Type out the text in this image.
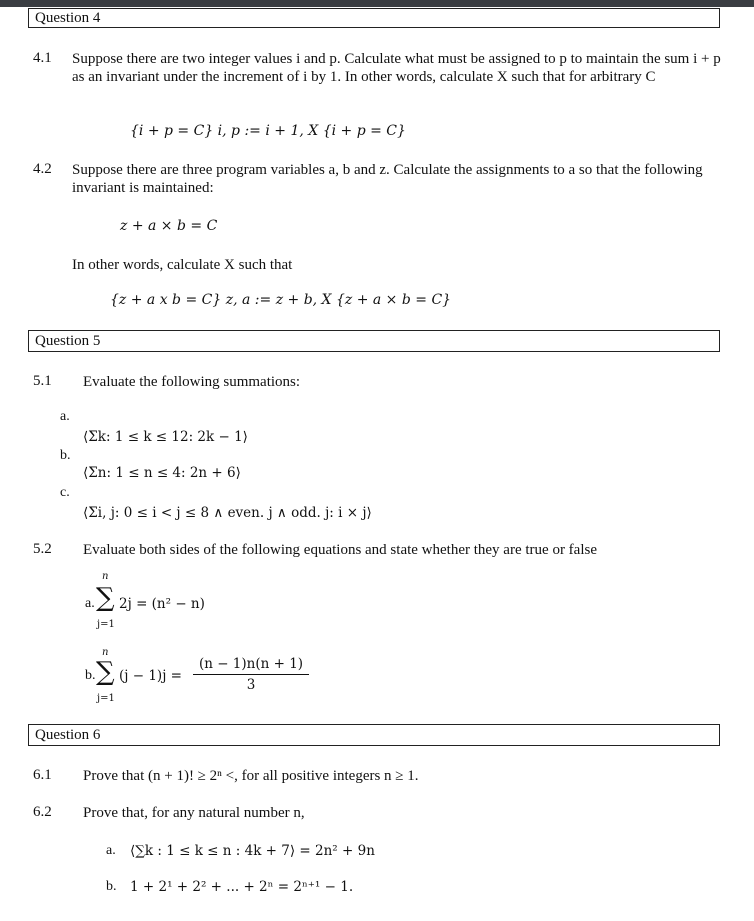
Question 4
4.1 Suppose there are two integer values i and p. Calculate what must be assigned to p to maintain the sum i + p as an invariant under the increment of i by 1. In other words, calculate X such that for arbitrary C
{i + p = C} i, p := i + 1, X {i + p = C}
4.2 Suppose there are three program variables a, b and z. Calculate the assignments to a so that the following invariant is maintained:
z + a × b = C
In other words, calculate X such that
{z + a x b = C} z, a := z + b, X {z + a × b = C}
Question 5
5.1 Evaluate the following summations:
a.
⟨Σk: 1 ≤ k ≤ 12: 2k − 1⟩
b.
⟨Σn: 1 ≤ n ≤ 4: 2n + 6⟩
c.
⟨Σi, j: 0 ≤ i < j ≤ 8 ∧ even. j ∧ odd. j: i × j⟩
5.2 Evaluate both sides of the following equations and state whether they are true or false
a.
n
∑
j=1
2j = (n² − n)
b.
n
∑
j=1
(j − 1)j =
(n − 1)n(n + 1)
3
Question 6
6.1 Prove that (n + 1)! ≥ 2ⁿ <, for all positive integers n ≥ 1.
6.2 Prove that, for any natural number n,
a. ⟨∑k : 1 ≤ k ≤ n : 4k + 7⟩ = 2n² + 9n
b. 1 + 2¹ + 2² + ... + 2ⁿ = 2ⁿ⁺¹ − 1.
